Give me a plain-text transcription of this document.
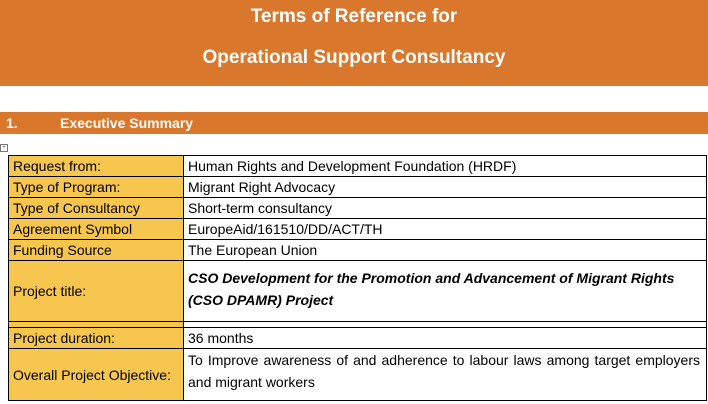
Terms of Reference for
Operational Support Consultancy
1.	Executive Summary
+
Request from:	Human Rights and Development Foundation (HRDF)
Type of Program:	Migrant Right Advocacy
Type of Consultancy	Short-term consultancy
Agreement Symbol	EuropeAid/161510/DD/ACT/TH
Funding Source	The European Union
Project title:	CSO Development for the Promotion and Advancement of Migrant Rights (CSO DPAMR) Project

Project duration:	36 months
Overall Project Objective:	To Improve awareness of and adherence to labour laws among target employers and migrant workers
